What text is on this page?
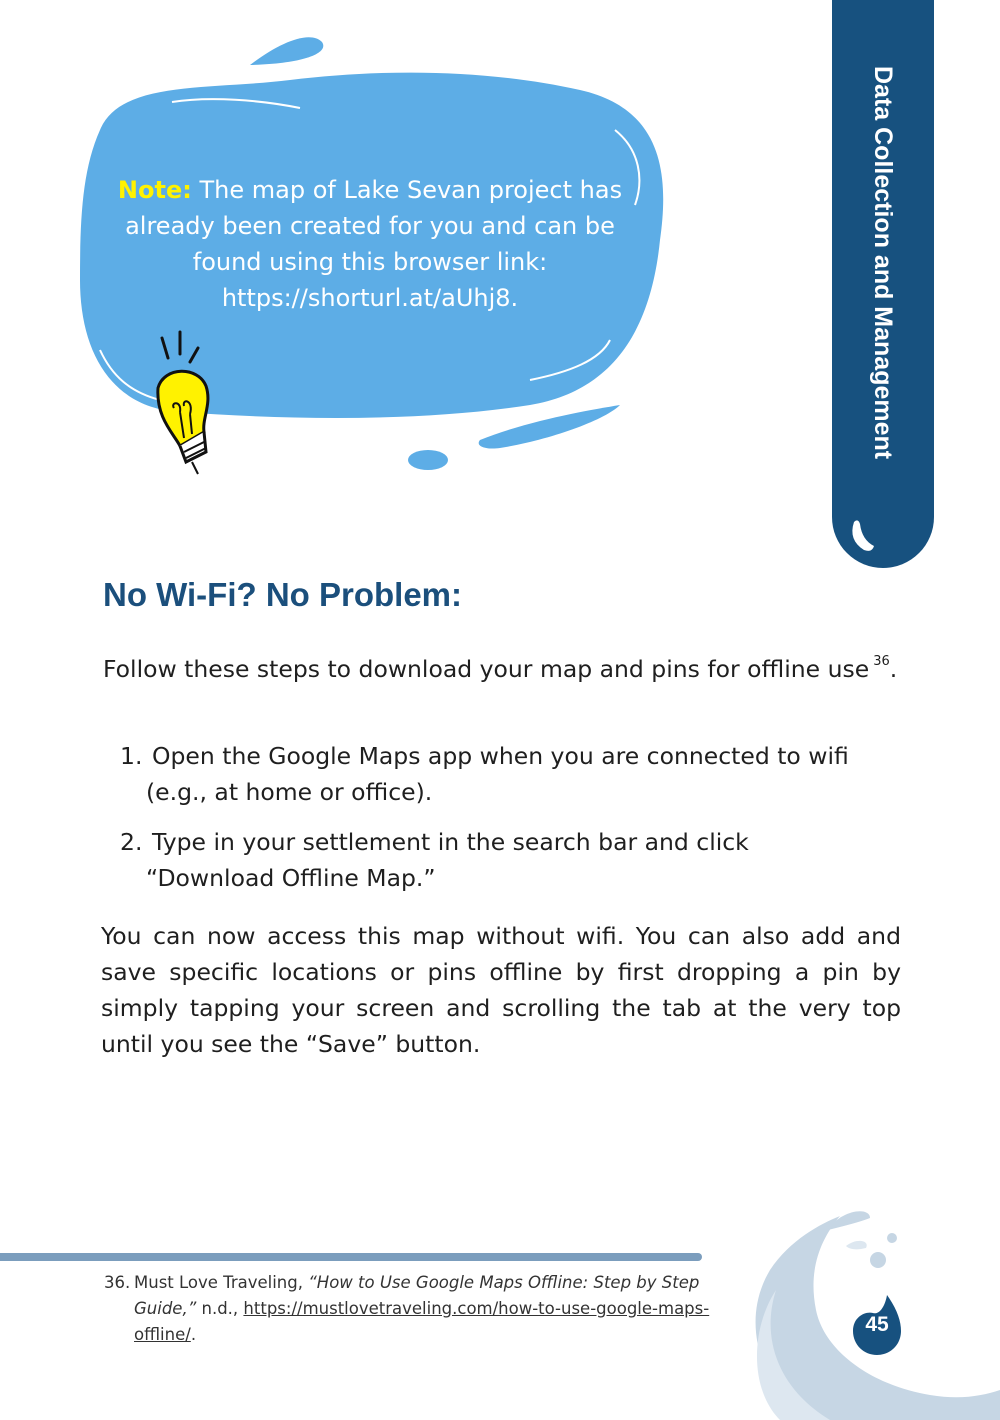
Data Collection and Management
Note: The map of Lake Sevan project has already been created for you and can be found using this browser link: https://shorturl.at/aUhj8.
No Wi-Fi? No Problem:

Follow these steps to download your map and pins for offline use $^{36}$.

1. Open the Google Maps app when you are connected to wifi
(e.g., at home or office).
2. Type in your settlement in the search bar and click
“Download Offline Map.”

You can now access this map without wifi. You can also add and save specific locations or pins offline by first dropping a pin by simply tapping your screen and scrolling the tab at the very top until you see the “Save” button.

36. Must Love Traveling, “How to Use Google Maps Offline: Step by Step Guide,” n.d., https://mustlovetraveling.com/how-to-use-google-maps-offline/.	45
